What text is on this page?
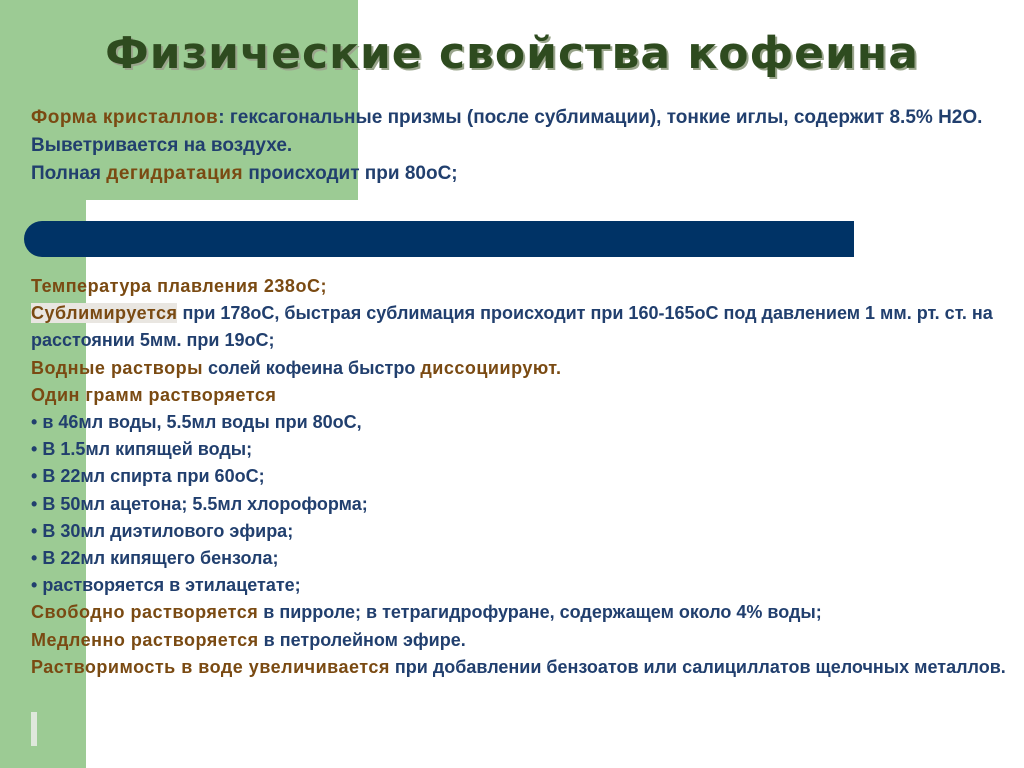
Физические свойства кофеина

Форма кристаллов: гексагональные призмы (после сублимации), тонкие иглы, содержит 8.5% H2O. Выветривается на воздухе.
Полная дегидратация происходит при 80оС;

Температура плавления 238оС;
Сублимируется при 178оС, быстрая сублимация происходит при 160-165оС под давлением 1 мм. рт. ст. на расстоянии 5мм. при 19оС;
Водные растворы солей кофеина быстро диссоциируют.
Один грамм растворяется
• в 46мл воды, 5.5мл воды при 80оС,
• В 1.5мл кипящей воды;
• В 22мл спирта при 60оС;
• В 50мл ацетона; 5.5мл хлороформа;
• В 30мл диэтилового эфира;
• В 22мл кипящего бензола;
• растворяется в этилацетате;
Свободно растворяется в пирроле; в тетрагидрофуране, содержащем около 4% воды;
Медленно растворяется в петролейном эфире.
Растворимость в воде увеличивается при добавлении бензоатов или салициллатов щелочных металлов.
